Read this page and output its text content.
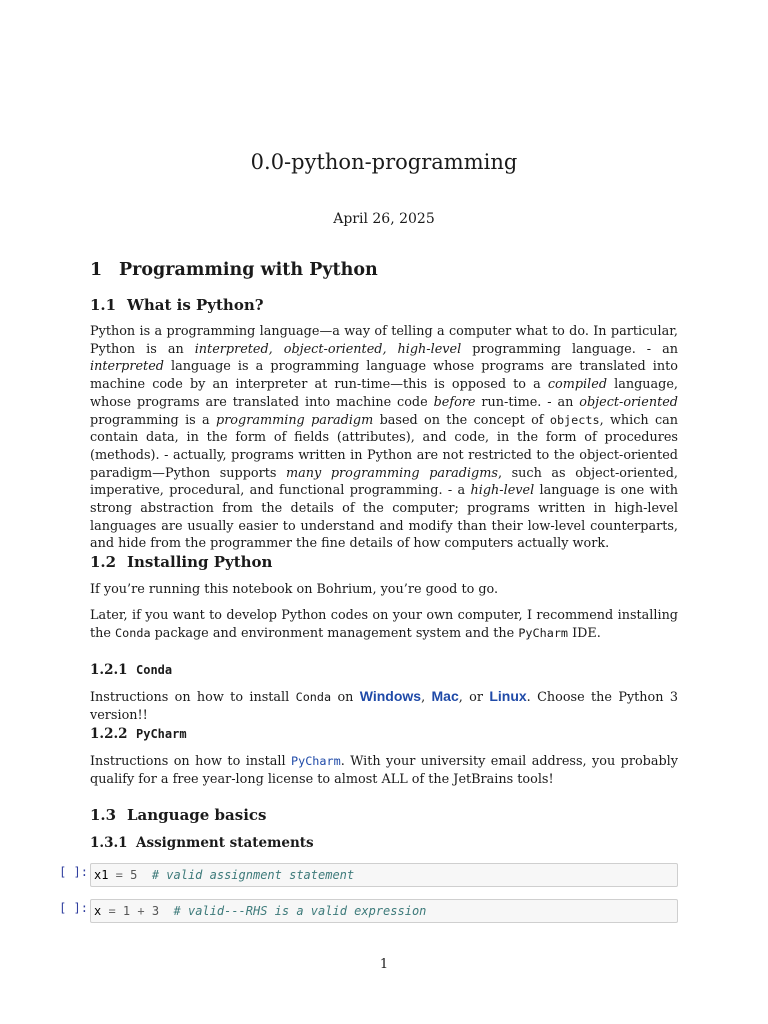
0.0-python-programming
April 26, 2025
1 Programming with Python
1.1 What is Python?
Python is a programming language—a way of telling a computer what to do. In particular, Python is an interpreted, object-oriented, high-level programming language. - an interpreted language is a programming language whose programs are translated into machine code by an interpreter at run-time—this is opposed to a compiled language, whose programs are translated into machine code before run-time. - an object-oriented programming is a programming paradigm based on the concept of objects, which can contain data, in the form of fields (attributes), and code, in the form of procedures (methods). - actually, programs written in Python are not restricted to the object-oriented paradigm—Python supports many programming paradigms, such as object-oriented, imperative, procedural, and functional programming. - a high-level language is one with strong abstraction from the details of the computer; programs written in high-level languages are usually easier to understand and modify than their low-level counterparts, and hide from the programmer the fine details of how computers actually work.
1.2 Installing Python
If you’re running this notebook on Bohrium, you’re good to go.
Later, if you want to develop Python codes on your own computer, I recommend installing the Conda package and environment management system and the PyCharm IDE.
1.2.1 Conda
Instructions on how to install Conda on Windows, Mac, or Linux. Choose the Python 3 version!!
1.2.2 PyCharm
Instructions on how to install PyCharm. With your university email address, you probably qualify for a free year-long license to almost ALL of the JetBrains tools!
1.3 Language basics
1.3.1 Assignment statements
[ ]: x1 = 5 # valid assignment statement
[ ]: x = 1 + 3 # valid---RHS is a valid expression
1
